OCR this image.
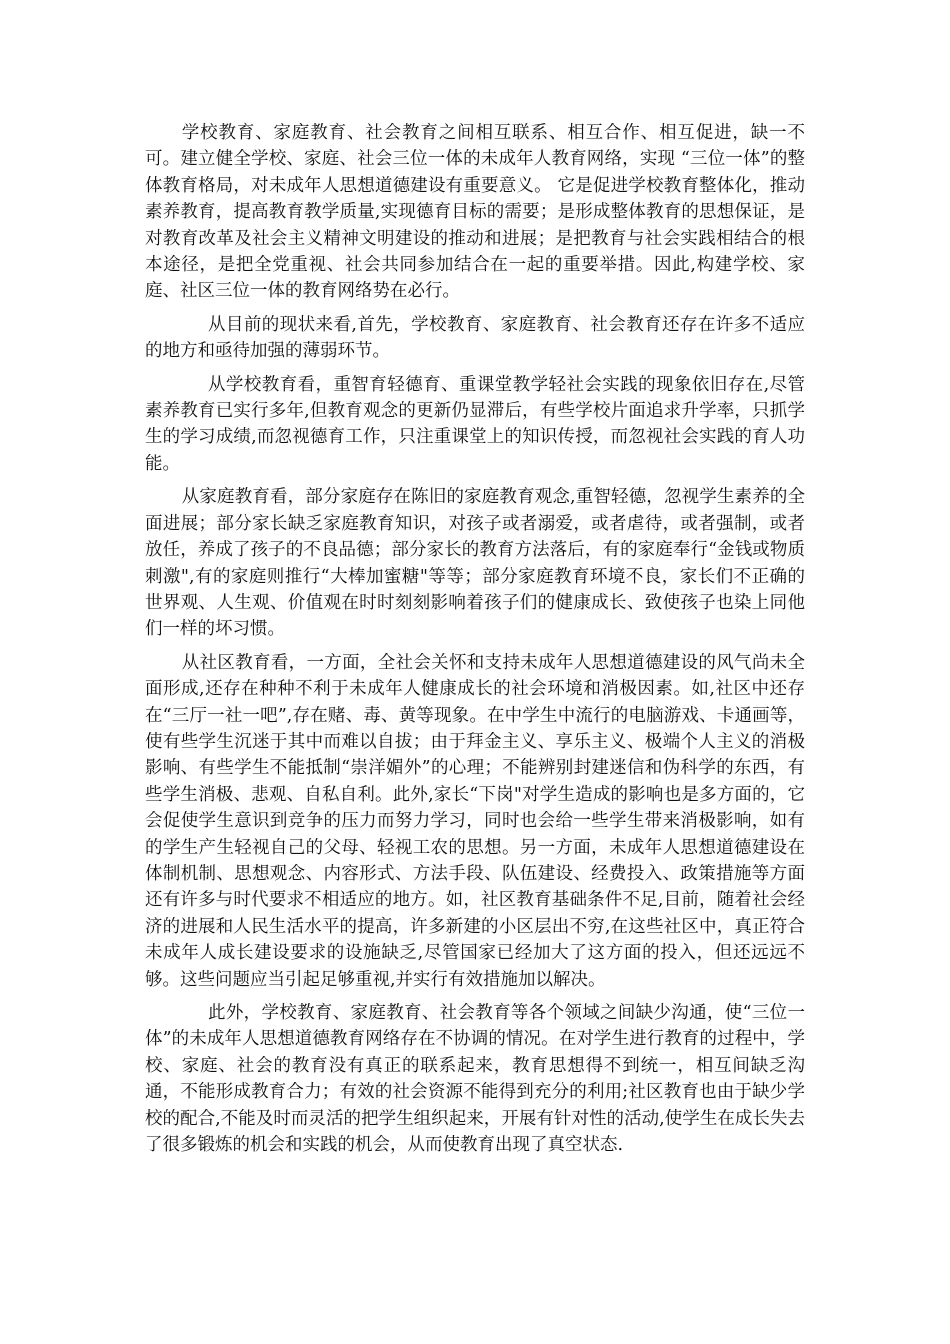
学校教育、家庭教育、社会教育之间相互联系、相互合作、相互促进，缺一不可。建立健全学校、家庭、社会三位一体的未成年人教育网络，实现 “三位一体”的整体教育格局，对未成年人思想道德建设有重要意义。 它是促进学校教育整体化，推动素养教育，提高教育教学质量,实现德育目标的需要；是形成整体教育的思想保证，是对教育改革及社会主义精神文明建设的推动和进展；是把教育与社会实践相结合的根本途径，是把全党重视、社会共同参加结合在一起的重要举措。因此,构建学校、家庭、社区三位一体的教育网络势在必行。

从目前的现状来看,首先，学校教育、家庭教育、社会教育还存在许多不适应的地方和亟待加强的薄弱环节。

从学校教育看，重智育轻德育、重课堂教学轻社会实践的现象依旧存在,尽管素养教育已实行多年,但教育观念的更新仍显滞后，有些学校片面追求升学率，只抓学生的学习成绩,而忽视德育工作，只注重课堂上的知识传授，而忽视社会实践的育人功能。

从家庭教育看，部分家庭存在陈旧的家庭教育观念,重智轻德，忽视学生素养的全面进展；部分家长缺乏家庭教育知识，对孩子或者溺爱，或者虐待，或者强制，或者放任，养成了孩子的不良品德；部分家长的教育方法落后，有的家庭奉行“金钱或物质刺激",有的家庭则推行“大棒加蜜糖"等等；部分家庭教育环境不良，家长们不正确的世界观、人生观、价值观在时时刻刻影响着孩子们的健康成长、致使孩子也染上同他们一样的坏习惯。

从社区教育看，一方面，全社会关怀和支持未成年人思想道德建设的风气尚未全面形成,还存在种种不利于未成年人健康成长的社会环境和消极因素。如,社区中还存在“三厅一社一吧”,存在赌、毒、黄等现象。在中学生中流行的电脑游戏、卡通画等，使有些学生沉迷于其中而难以自拔；由于拜金主义、享乐主义、极端个人主义的消极影响、有些学生不能抵制“崇洋媚外”的心理；不能辨别封建迷信和伪科学的东西，有些学生消极、悲观、自私自利。此外,家长“下岗"对学生造成的影响也是多方面的，它会促使学生意识到竞争的压力而努力学习，同时也会给一些学生带来消极影响，如有的学生产生轻视自己的父母、轻视工农的思想。另一方面，未成年人思想道德建设在体制机制、思想观念、内容形式、方法手段、队伍建设、经费投入、政策措施等方面还有许多与时代要求不相适应的地方。如，社区教育基础条件不足,目前，随着社会经济的进展和人民生活水平的提高，许多新建的小区层出不穷,在这些社区中，真正符合未成年人成长建设要求的设施缺乏,尽管国家已经加大了这方面的投入，但还远远不够。这些问题应当引起足够重视,并实行有效措施加以解决。

此外，学校教育、家庭教育、社会教育等各个领域之间缺少沟通，使“三位一体”的未成年人思想道德教育网络存在不协调的情况。在对学生进行教育的过程中，学校、家庭、社会的教育没有真正的联系起来，教育思想得不到统一，相互间缺乏沟通，不能形成教育合力；有效的社会资源不能得到充分的利用;社区教育也由于缺少学校的配合,不能及时而灵活的把学生组织起来，开展有针对性的活动,使学生在成长失去了很多锻炼的机会和实践的机会，从而使教育出现了真空状态.
